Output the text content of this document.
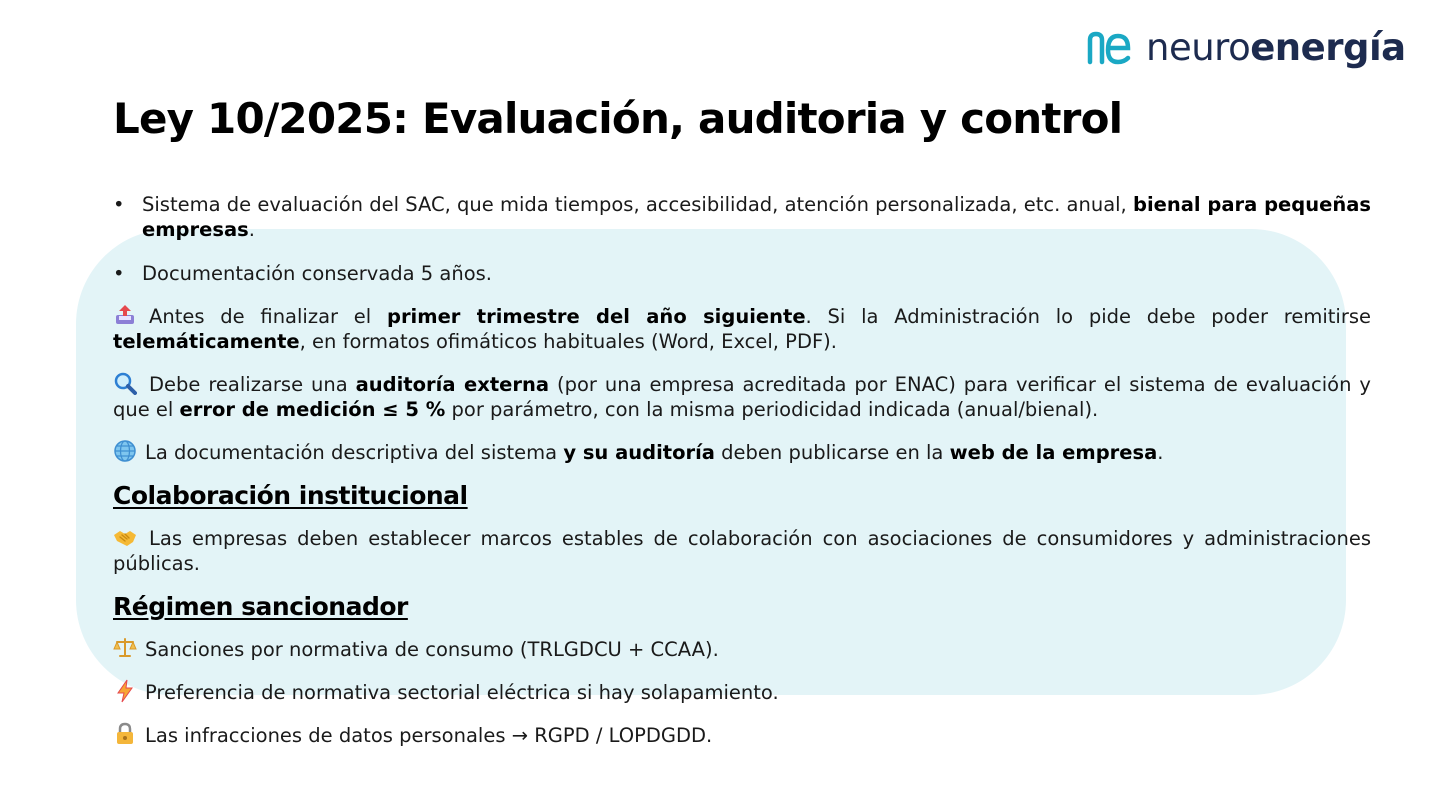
neuroenergía
Ley 10/2025: Evaluación, auditoria y control
• Sistema de evaluación del SAC, que mida tiempos, accesibilidad, atención personalizada, etc. anual, bienal para pequeñas empresas.
• Documentación conservada 5 años.

Antes de finalizar el primer trimestre del año siguiente. Si la Administración lo pide debe poder remitirse telemáticamente, en formatos ofimáticos habituales (Word, Excel, PDF).

Debe realizarse una auditoría externa (por una empresa acreditada por ENAC) para verificar el sistema de evaluación y que el error de medición ≤ 5 % por parámetro, con la misma periodicidad indicada (anual/bienal).

La documentación descriptiva del sistema y su auditoría deben publicarse en la web de la empresa.

Colaboración institucional

Las empresas deben establecer marcos estables de colaboración con asociaciones de consumidores y administraciones públicas.

Régimen sancionador

Sanciones por normativa de consumo (TRLGDCU + CCAA).

Preferencia de normativa sectorial eléctrica si hay solapamiento.

Las infracciones de datos personales → RGPD / LOPDGDD.
